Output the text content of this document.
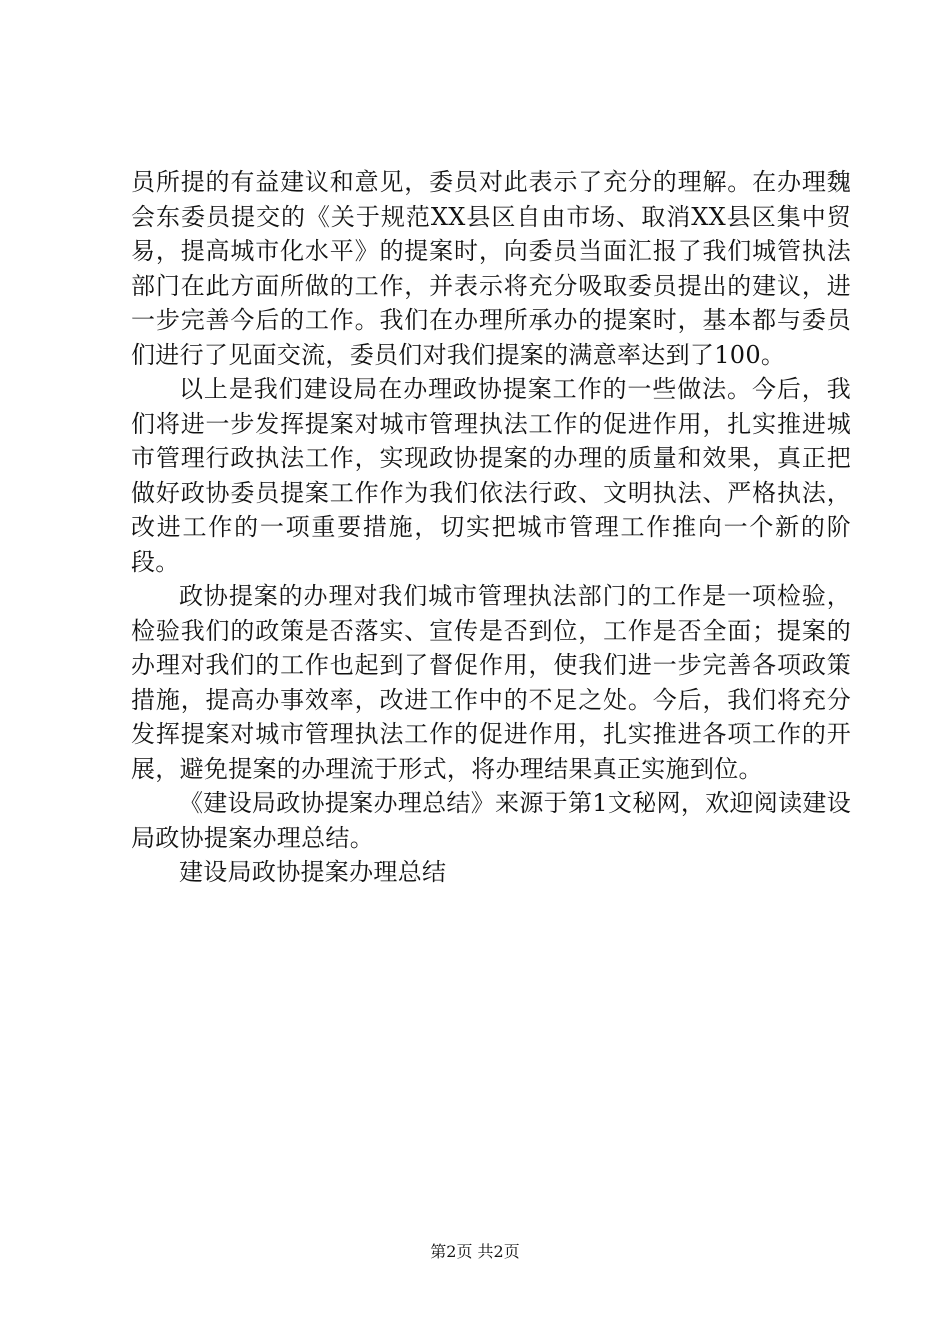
员所提的有益建议和意见，委员对此表示了充分的理解。在办理魏会东委员提交的《关于规范XX县区自由市场、取消XX县区集中贸易，提高城市化水平》的提案时，向委员当面汇报了我们城管执法部门在此方面所做的工作，并表示将充分吸取委员提出的建议，进一步完善今后的工作。我们在办理所承办的提案时，基本都与委员们进行了见面交流，委员们对我们提案的满意率达到了100。

以上是我们建设局在办理政协提案工作的一些做法。今后，我们将进一步发挥提案对城市管理执法工作的促进作用，扎实推进城市管理行政执法工作，实现政协提案的办理的质量和效果，真正把做好政协委员提案工作作为我们依法行政、文明执法、严格执法，改进工作的一项重要措施，切实把城市管理工作推向一个新的阶段。

政协提案的办理对我们城市管理执法部门的工作是一项检验，检验我们的政策是否落实、宣传是否到位，工作是否全面；提案的办理对我们的工作也起到了督促作用，使我们进一步完善各项政策措施，提高办事效率，改进工作中的不足之处。今后，我们将充分发挥提案对城市管理执法工作的促进作用，扎实推进各项工作的开展，避免提案的办理流于形式，将办理结果真正实施到位。

《建设局政协提案办理总结》来源于第1文秘网，欢迎阅读建设局政协提案办理总结。

建设局政协提案办理总结

第2页 共2页
